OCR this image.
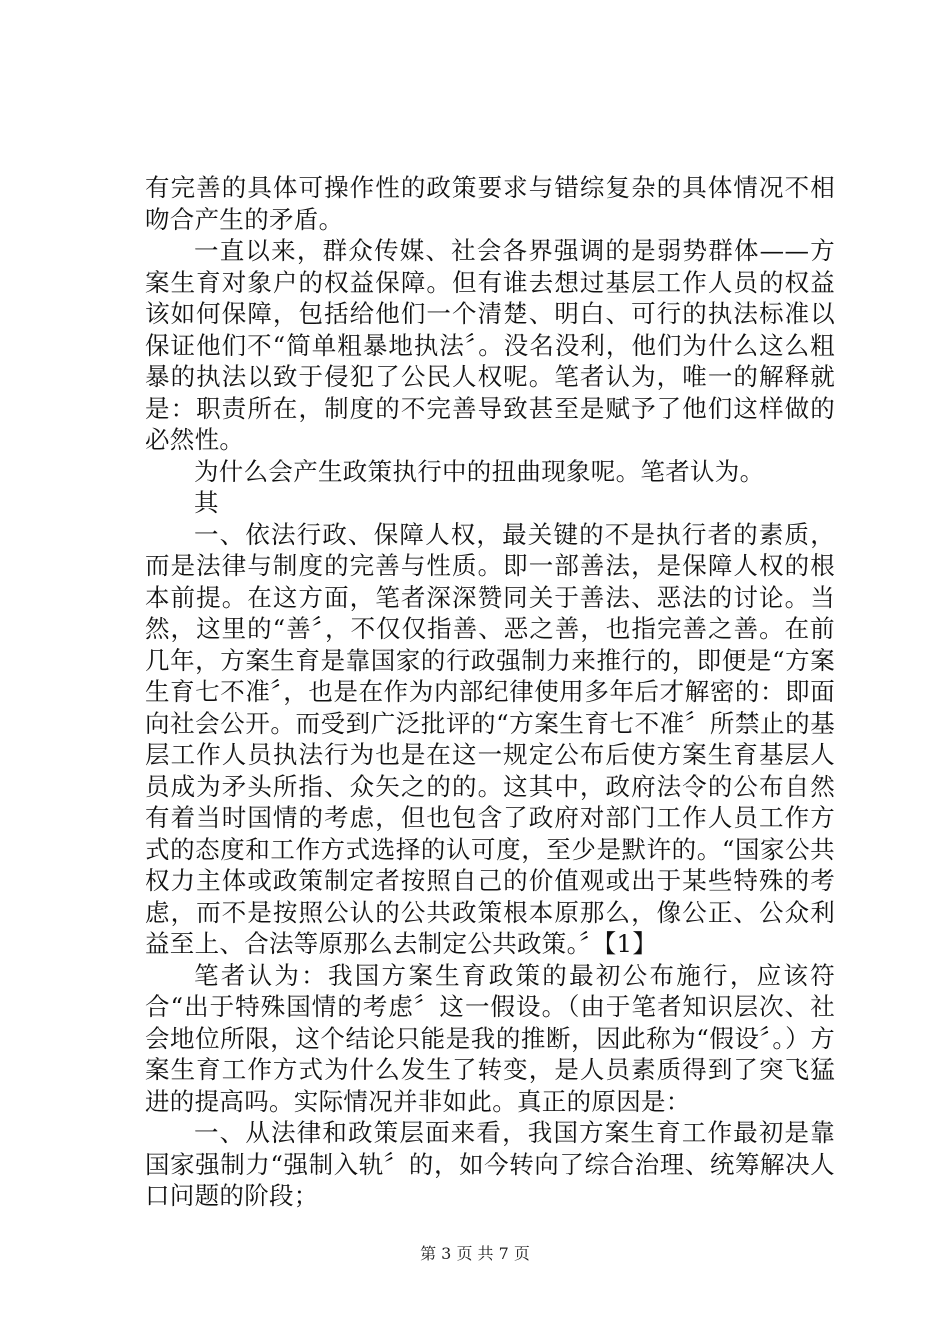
有完善的具体可操作性的政策要求与错综复杂的具体情况不相吻合产生的矛盾。

一直以来，群众传媒、社会各界强调的是弱势群体——方案生育对象户的权益保障。但有谁去想过基层工作人员的权益该如何保障，包括给他们一个清楚、明白、可行的执法标准以保证他们不“简单粗暴地执法〞。没名没利，他们为什么这么粗暴的执法以致于侵犯了公民人权呢。笔者认为，唯一的解释就是：职责所在，制度的不完善导致甚至是赋予了他们这样做的必然性。

为什么会产生政策执行中的扭曲现象呢。笔者认为。

其

一、依法行政、保障人权，最关键的不是执行者的素质，而是法律与制度的完善与性质。即一部善法，是保障人权的根本前提。在这方面，笔者深深赞同关于善法、恶法的讨论。当然，这里的“善〞，不仅仅指善、恶之善，也指完善之善。在前几年，方案生育是靠国家的行政强制力来推行的，即便是“方案生育七不准〞，也是在作为内部纪律使用多年后才解密的：即面向社会公开。而受到广泛批评的“方案生育七不准〞所禁止的基层工作人员执法行为也是在这一规定公布后使方案生育基层人员成为矛头所指、众矢之的的。这其中，政府法令的公布自然有着当时国情的考虑，但也包含了政府对部门工作人员工作方式的态度和工作方式选择的认可度，至少是默许的。“国家公共权力主体或政策制定者按照自己的价值观或出于某些特殊的考虑，而不是按照公认的公共政策根本原那么，像公正、公众利益至上、合法等原那么去制定公共政策。〞【1】

笔者认为：我国方案生育政策的最初公布施行，应该符合“出于特殊国情的考虑〞这一假设。（由于笔者知识层次、社会地位所限，这个结论只能是我的推断，因此称为“假设〞。）方案生育工作方式为什么发生了转变，是人员素质得到了突飞猛进的提高吗。实际情况并非如此。真正的原因是：

一、从法律和政策层面来看，我国方案生育工作最初是靠国家强制力“强制入轨〞的，如今转向了综合治理、统筹解决人口问题的阶段；

第 3 页 共 7 页
